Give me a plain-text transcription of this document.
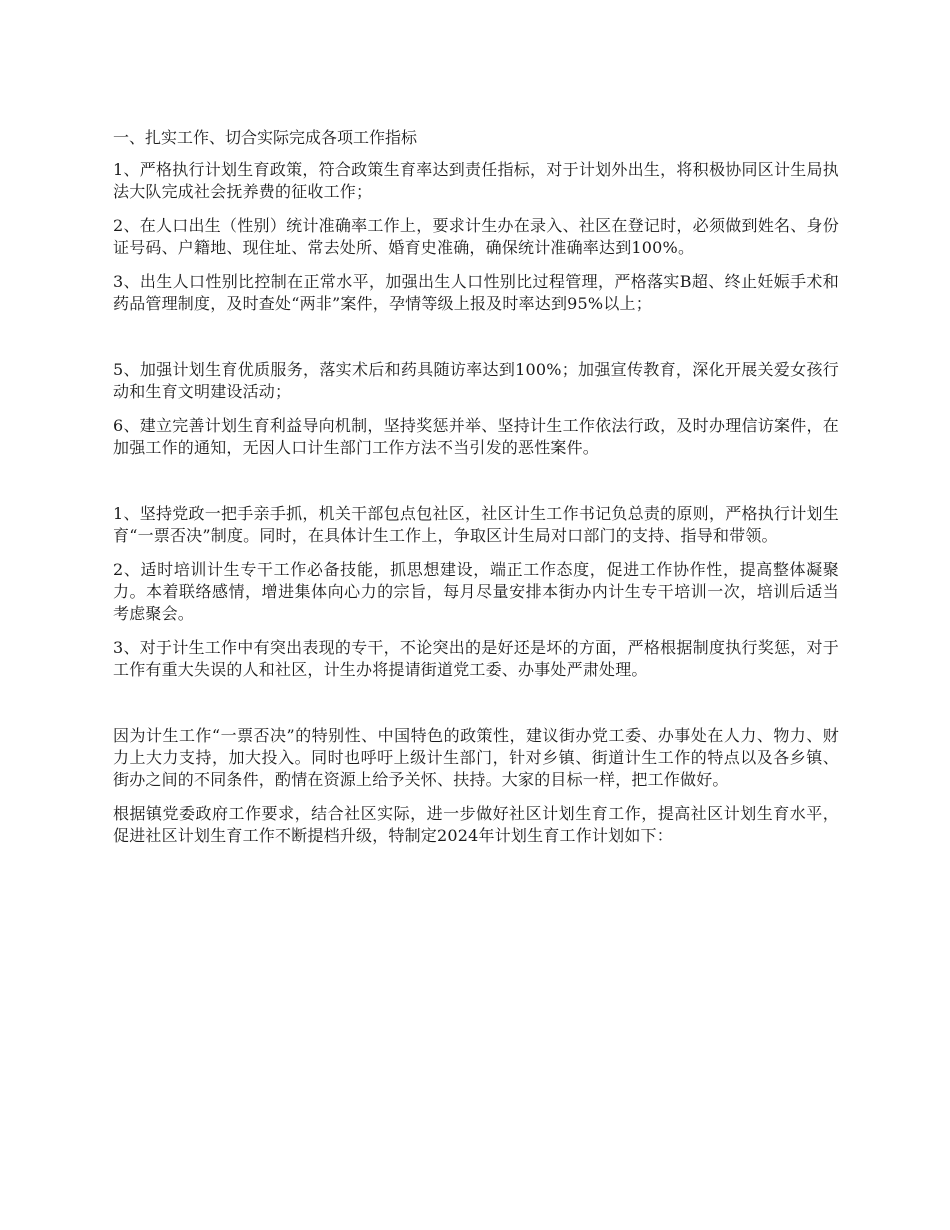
一、扎实工作、切合实际完成各项工作指标

1、严格执行计划生育政策，符合政策生育率达到责任指标，对于计划外出生，将积极协同区计生局执法大队完成社会抚养费的征收工作；

2、在人口出生（性别）统计准确率工作上，要求计生办在录入、社区在登记时，必须做到姓名、身份证号码、户籍地、现住址、常去处所、婚育史准确，确保统计准确率达到100%。

3、出生人口性别比控制在正常水平，加强出生人口性别比过程管理，严格落实B超、终止妊娠手术和药品管理制度，及时查处“两非”案件，孕情等级上报及时率达到95%以上；

5、加强计划生育优质服务，落实术后和药具随访率达到100%；加强宣传教育，深化开展关爱女孩行动和生育文明建设活动；

6、建立完善计划生育利益导向机制，坚持奖惩并举、坚持计生工作依法行政，及时办理信访案件，在加强工作的通知，无因人口计生部门工作方法不当引发的恶性案件。

1、坚持党政一把手亲手抓，机关干部包点包社区，社区计生工作书记负总责的原则，严格执行计划生育“一票否决”制度。同时，在具体计生工作上，争取区计生局对口部门的支持、指导和带领。

2、适时培训计生专干工作必备技能，抓思想建设，端正工作态度，促进工作协作性，提高整体凝聚力。本着联络感情，增进集体向心力的宗旨，每月尽量安排本街办内计生专干培训一次，培训后适当考虑聚会。

3、对于计生工作中有突出表现的专干，不论突出的是好还是坏的方面，严格根据制度执行奖惩，对于工作有重大失误的人和社区，计生办将提请街道党工委、办事处严肃处理。

因为计生工作“一票否决”的特别性、中国特色的政策性，建议街办党工委、办事处在人力、物力、财力上大力支持，加大投入。同时也呼吁上级计生部门，针对乡镇、街道计生工作的特点以及各乡镇、街办之间的不同条件，酌情在资源上给予关怀、扶持。大家的目标一样，把工作做好。

根据镇党委政府工作要求，结合社区实际，进一步做好社区计划生育工作，提高社区计划生育水平，促进社区计划生育工作不断提档升级，特制定2024年计划生育工作计划如下：
